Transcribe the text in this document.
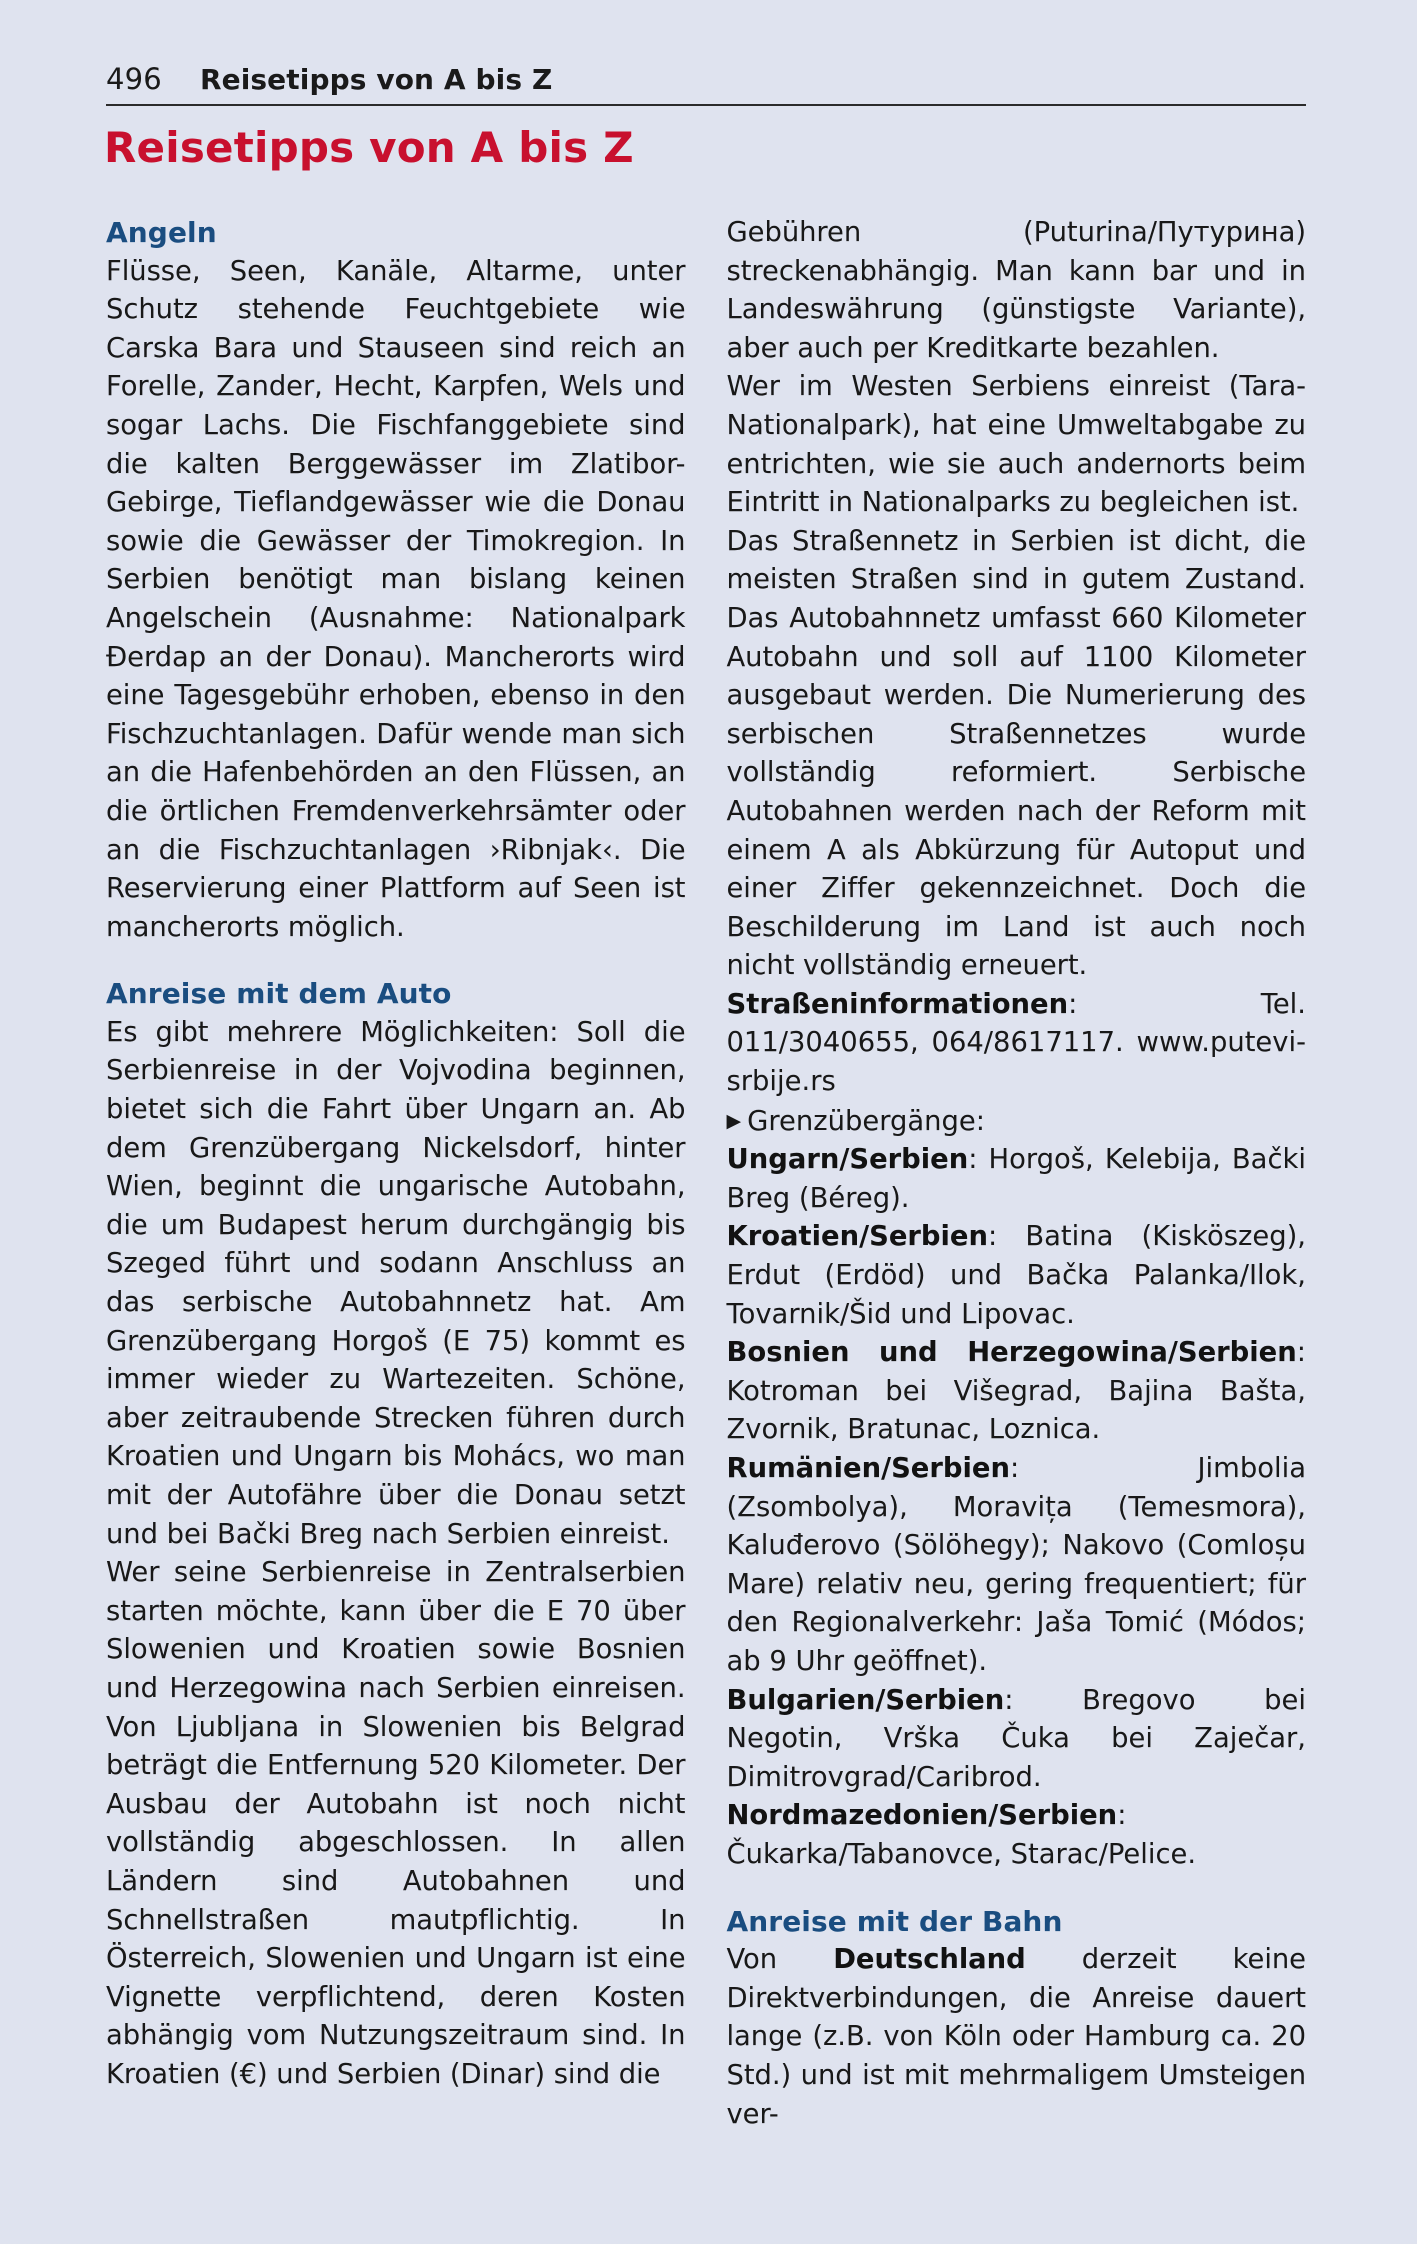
496 Reisetipps von A bis Z
Reisetipps von A bis Z
Angeln

Flüsse, Seen, Kanäle, Altarme, unter Schutz stehende Feuchtgebiete wie Carska Bara und Stauseen sind reich an Forelle, Zander, Hecht, Karpfen, Wels und sogar Lachs. Die Fischfanggebiete sind die kalten Berggewässer im Zlatibor-Gebirge, Tieflandgewässer wie die Donau sowie die Gewässer der Timokregion. In Serbien benötigt man bislang keinen Angelschein (Ausnahme: Nationalpark Đerdap an der Donau). Mancherorts wird eine Tagesgebühr erhoben, ebenso in den Fischzuchtanlagen. Dafür wende man sich an die Hafenbehörden an den Flüssen, an die örtlichen Fremdenverkehrsämter oder an die Fischzuchtanlagen ›Ribnjak‹. Die Reservierung einer Plattform auf Seen ist mancherorts möglich.

Anreise mit dem Auto

Es gibt mehrere Möglichkeiten: Soll die Serbienreise in der Vojvodina beginnen, bietet sich die Fahrt über Ungarn an. Ab dem Grenzübergang Nickelsdorf, hinter Wien, beginnt die ungarische Autobahn, die um Budapest herum durchgängig bis Szeged führt und sodann Anschluss an das serbische Autobahnnetz hat. Am Grenzübergang Horgoš (E 75) kommt es immer wieder zu Wartezeiten. Schöne, aber zeitraubende Strecken führen durch Kroatien und Ungarn bis Mohács, wo man mit der Autofähre über die Donau setzt und bei Bački Breg nach Serbien einreist.

Wer seine Serbienreise in Zentralserbien starten möchte, kann über die E 70 über Slowenien und Kroatien sowie Bosnien und Herzegowina nach Serbien einreisen. Von Ljubljana in Slowenien bis Belgrad beträgt die Entfernung 520 Kilometer. Der Ausbau der Autobahn ist noch nicht vollständig abgeschlossen. In allen Ländern sind Autobahnen und Schnellstraßen mautpflichtig. In Österreich, Slowenien und Ungarn ist eine Vignette verpflichtend, deren Kosten abhängig vom Nutzungszeitraum sind. In Kroatien (€) und Serbien (Dinar) sind die

Gebühren (Puturina/Путурина) streckenabhängig. Man kann bar und in Landeswährung (günstigste Variante), aber auch per Kreditkarte bezahlen.

Wer im Westen Serbiens einreist (Tara-Nationalpark), hat eine Umweltabgabe zu entrichten, wie sie auch andernorts beim Eintritt in Nationalparks zu begleichen ist.

Das Straßennetz in Serbien ist dicht, die meisten Straßen sind in gutem Zustand. Das Autobahnnetz umfasst 660 Kilometer Autobahn und soll auf 1100 Kilometer ausgebaut werden. Die Numerierung des serbischen Straßennetzes wurde vollständig reformiert. Serbische Autobahnen werden nach der Reform mit einem A als Abkürzung für Autoput und einer Ziffer gekennzeichnet. Doch die Beschilderung im Land ist auch noch nicht vollständig erneuert.

Straßeninformationen: Tel. 011/3040655, 064/8617117. www.putevi-srbije.rs

▶ Grenzübergänge:

Ungarn/Serbien: Horgoš, Kelebija, Bački Breg (Béreg).

Kroatien/Serbien: Batina (Kisköszeg), Erdut (Erdöd) und Bačka Palanka/Ilok, Tovarnik/Šid und Lipovac.

Bosnien und Herzegowina/Serbien: Kotroman bei Višegrad, Bajina Bašta, Zvornik, Bratunac, Loznica.

Rumänien/Serbien: Jimbolia (Zsombolya), Moravița (Temesmora), Kaluđerovo (Sölöhegy); Nakovo (Comloșu Mare) relativ neu, gering frequentiert; für den Regionalverkehr: Jaša Tomić (Módos; ab 9 Uhr geöffnet).

Bulgarien/Serbien: Bregovo bei Negotin, Vrška Čuka bei Zaječar, Dimitrovgrad/Caribrod.

Nordmazedonien/Serbien: Čukarka/Tabanovce, Starac/Pelice.

Anreise mit der Bahn

Von Deutschland derzeit keine Direktverbindungen, die Anreise dauert lange (z.B. von Köln oder Hamburg ca. 20 Std.) und ist mit mehrmaligem Umsteigen ver-
